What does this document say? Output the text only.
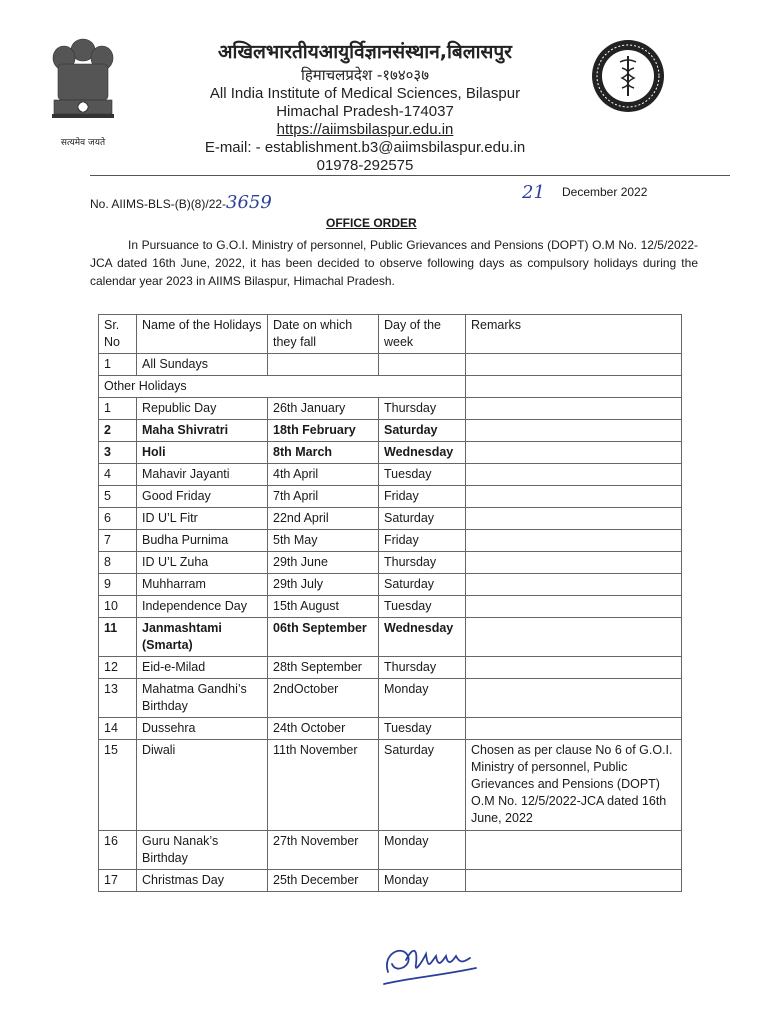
सत्यमेव जयते
अखिलभारतीयआयुर्विज्ञानसंस्थान,बिलासपुर
हिमाचलप्रदेश -१७४०३७
All India Institute of Medical Sciences, Bilaspur
Himachal Pradesh-174037
https://aiimsbilaspur.edu.in
E-mail: - establishment.b3@aiimsbilaspur.edu.in
01978-292575
No. AIIMS-BLS-(B)(8)/22-3659	21 December 2022
OFFICE ORDER
In Pursuance to G.O.I. Ministry of personnel, Public Grievances and Pensions (DOPT) O.M No. 12/5/2022-JCA dated 16th June, 2022, it has been decided to observe following days as compulsory holidays during the calendar year 2023 in AIIMS Bilaspur, Himachal Pradesh.
Sr. No	Name of the Holidays	Date on which they fall	Day of the week	Remarks
1	All Sundays			
Other Holidays				
1	Republic Day	26th January	Thursday	
2	Maha Shivratri	18th February	Saturday	
3	Holi	8th March	Wednesday	
4	Mahavir Jayanti	4th April	Tuesday	
5	Good Friday	7th April	Friday	
6	ID U’L Fitr	22nd April	Saturday	
7	Budha Purnima	5th May	Friday	
8	ID U’L Zuha	29th June	Thursday	
9	Muhharram	29th July	Saturday	
10	Independence Day	15th August	Tuesday	
11	Janmashtami (Smarta)	06th September	Wednesday	
12	Eid-e-Milad	28th September	Thursday	
13	Mahatma Gandhi’s Birthday	2ndOctober	Monday	
14	Dussehra	24th October	Tuesday	
15	Diwali	11th November	Saturday	Chosen as per clause No 6 of G.O.I. Ministry of personnel, Public Grievances and Pensions (DOPT) O.M No. 12/5/2022-JCA dated 16th June, 2022
16	Guru Nanak’s Birthday	27th November	Monday	
17	Christmas Day	25th December	Monday	
